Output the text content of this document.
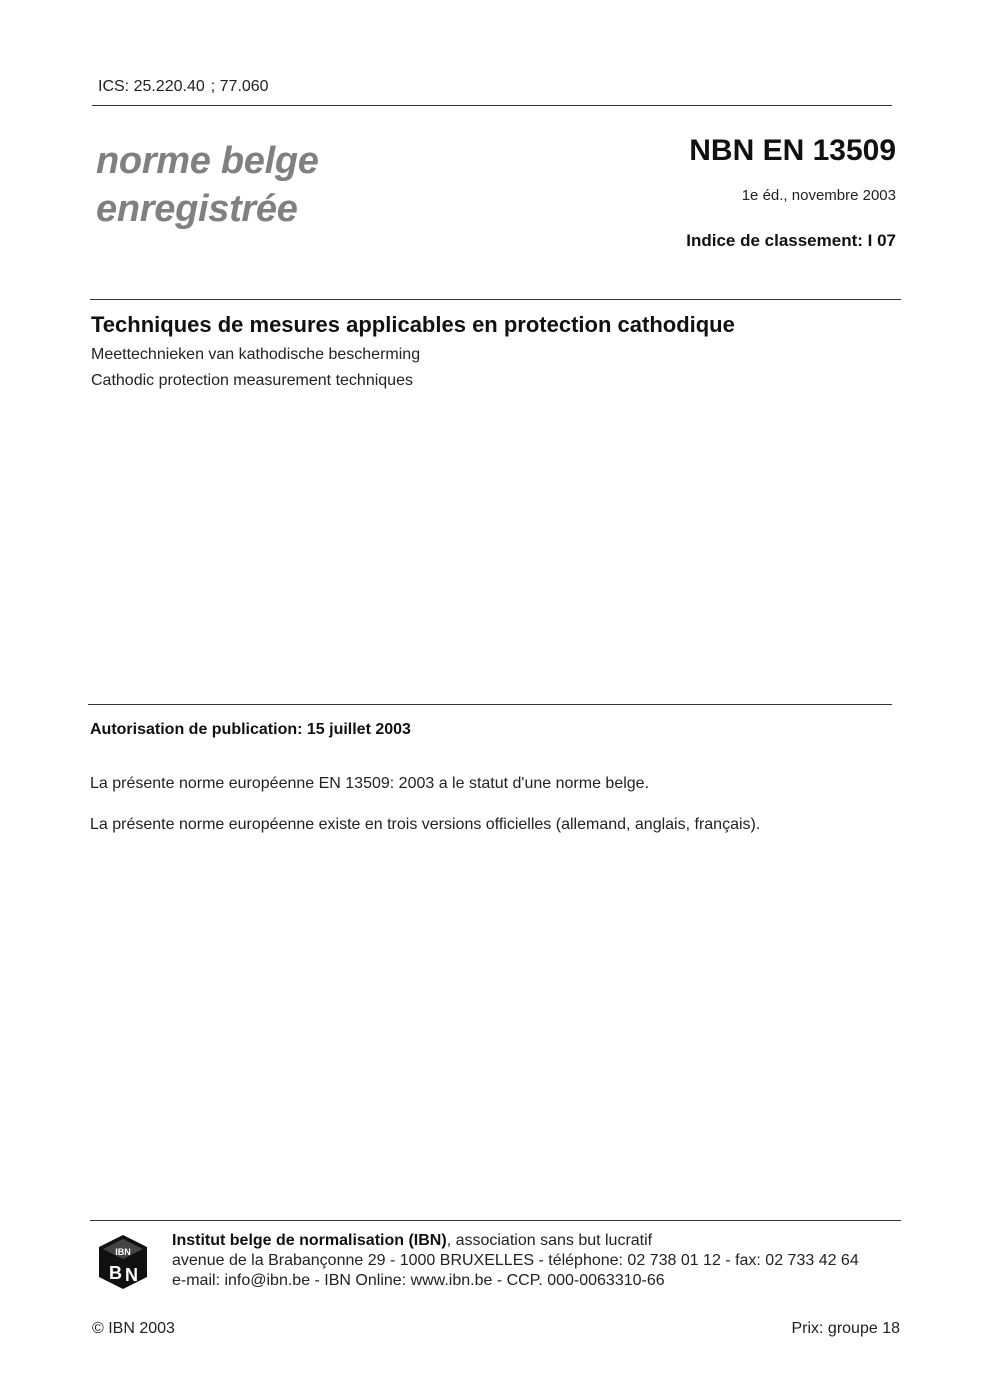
ICS: 25.220.40 ; 77.060
norme belge
enregistrée
NBN EN 13509
1e éd., novembre 2003
Indice de classement: I 07
Techniques de mesures applicables en protection cathodique
Meettechnieken van kathodische bescherming
Cathodic protection measurement techniques
Autorisation de publication: 15 juillet 2003
La présente norme européenne EN 13509: 2003 a le statut d'une norme belge.
La présente norme européenne existe en trois versions officielles (allemand, anglais, français).
IBN
B N
Institut belge de normalisation (IBN), association sans but lucratif
avenue de la Brabançonne 29 - 1000 BRUXELLES - téléphone: 02 738 01 12 - fax: 02 733 42 64
e-mail: info@ibn.be - IBN Online: www.ibn.be - CCP. 000-0063310-66
© IBN 2003	Prix: groupe 18
